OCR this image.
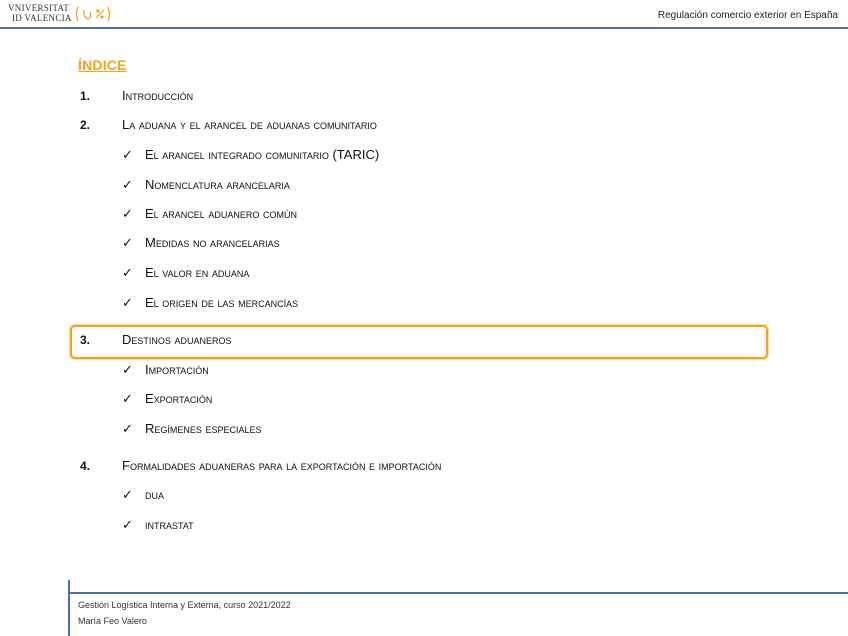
VNIVERSITAT
ID VALENCIA	Regulación comercio exterior en España
ÍNDICE
1. Introducción
2. La aduana y el arancel de aduanas comunitario
✓ El arancel integrado comunitario (TARIC)
✓ Nomenclatura arancelaria
✓ El arancel aduanero común
✓ Medidas no arancelarias
✓ El valor en aduana
✓ El origen de las mercancías
3. Destinos aduaneros
✓ Importación
✓ Exportación
✓ Regímenes especiales
4. Formalidades aduaneras para la exportación e importación
✓ dua
✓ intrastat
Gestión Logística Interna y Externa, curso 2021/2022
María Feo Valero
